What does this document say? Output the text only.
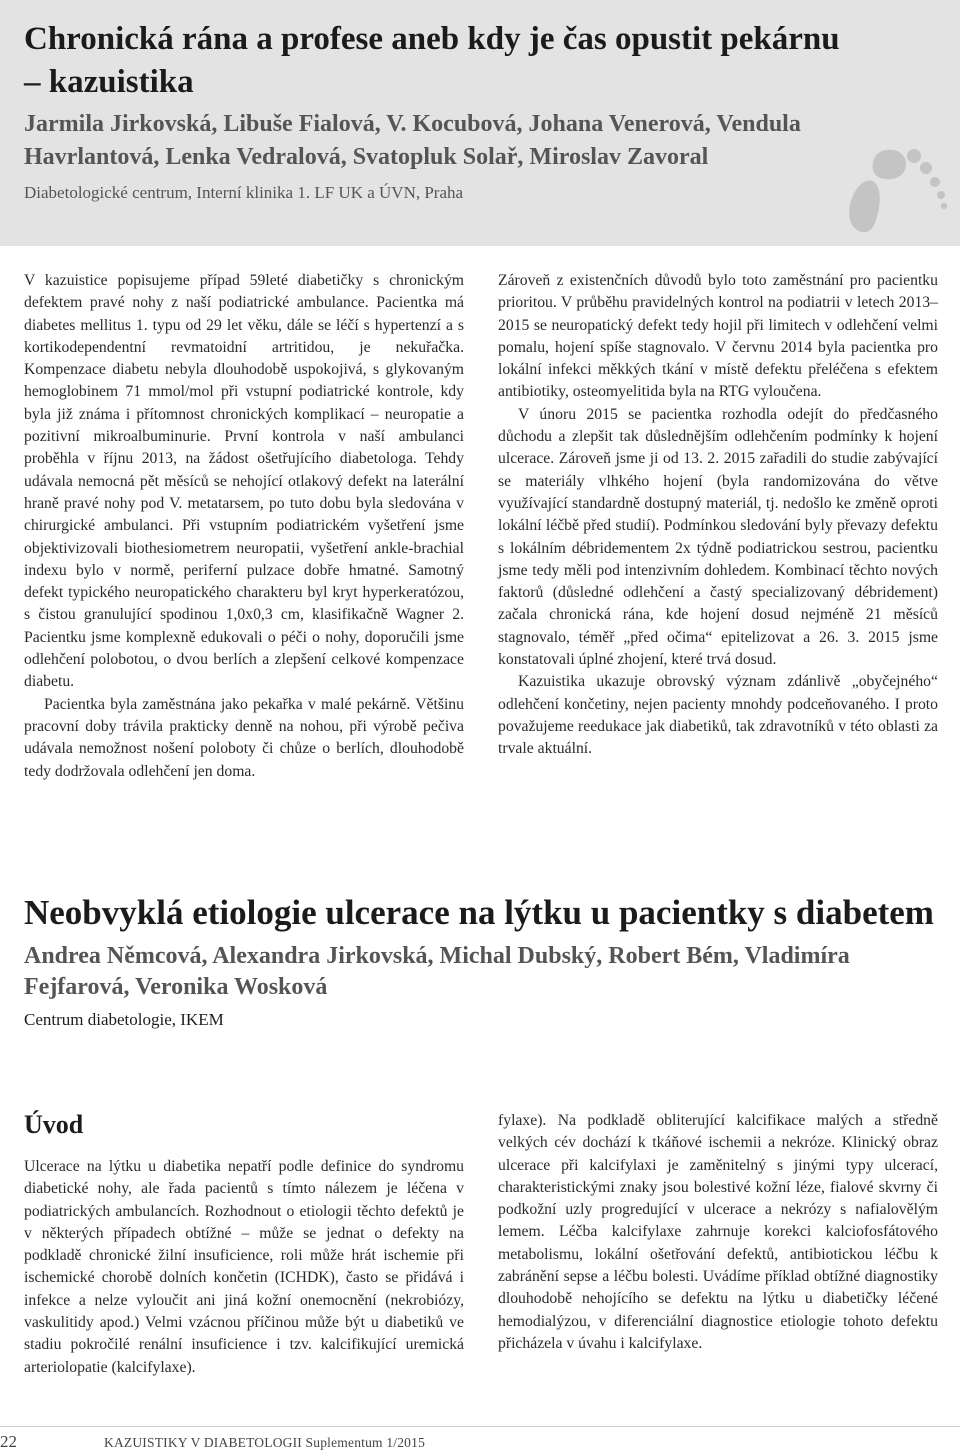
Chronická rána a profese aneb kdy je čas opustit pekárnu – kazuistika

Jarmila Jirkovská, Libuše Fialová, V. Kocubová, Johana Venerová, Vendula Havrlantová, Lenka Vedralová, Svatopluk Solař, Miroslav Zavoral

Diabetologické centrum, Interní klinika 1. LF UK a ÚVN, Praha

V kazuistice popisujeme případ 59leté diabetičky s chronickým defektem pravé nohy z naší podiatrické ambulance. Pacientka má diabetes mellitus 1. typu od 29 let věku, dále se léčí s hypertenzí a s kortikodependentní revmatoidní artritidou, je nekuřačka. Kompenzace diabetu nebyla dlouhodobě uspokojivá, s glykovaným hemoglobinem 71 mmol/mol při vstupní podiatrické kontrole, kdy byla již známa i přítomnost chronických komplikací – neuropatie a pozitivní mikroalbuminurie. První kontrola v naší ambulanci proběhla v říjnu 2013, na žádost ošetřujícího diabetologa. Tehdy udávala nemocná pět měsíců se nehojící otlakový defekt na laterální hraně pravé nohy pod V. metatarsem, po tuto dobu byla sledována v chirurgické ambulanci. Při vstupním podiatrickém vyšetření jsme objektivizovali biothesiometrem neuropatii, vyšetření ankle-brachial indexu bylo v normě, periferní pulzace dobře hmatné. Samotný defekt typického neuropatického charakteru byl kryt hyperkeratózou, s čistou granulující spodinou 1,0x0,3 cm, klasifikačně Wagner 2. Pacientku jsme komplexně edukovali o péči o nohy, doporučili jsme odlehčení polobotou, o dvou berlích a zlepšení celkové kompenzace diabetu.

Pacientka byla zaměstnána jako pekařka v malé pekárně. Většinu pracovní doby trávila prakticky denně na nohou, při výrobě pečiva udávala nemožnost nošení poloboty či chůze o berlích, dlouhodobě tedy dodržovala odlehčení jen doma.

Zároveň z existenčních důvodů bylo toto zaměstnání pro pacientku prioritou. V průběhu pravidelných kontrol na podiatrii v letech 2013–2015 se neuropatický defekt tedy hojil při limitech v odlehčení velmi pomalu, hojení spíše stagnovalo. V červnu 2014 byla pacientka pro lokální infekci měkkých tkání v místě defektu přeléčena s efektem antibiotiky, osteomyelitida byla na RTG vyloučena.

V únoru 2015 se pacientka rozhodla odejít do předčasného důchodu a zlepšit tak důslednějším odlehčením podmínky k hojení ulcerace. Zároveň jsme ji od 13. 2. 2015 zařadili do studie zabývající se materiály vlhkého hojení (byla randomizována do větve využívající standardně dostupný materiál, tj. nedošlo ke změně oproti lokální léčbě před studií). Podmínkou sledování byly převazy defektu s lokálním débridementem 2x týdně podiatrickou sestrou, pacientku jsme tedy měli pod intenzivním dohledem. Kombinací těchto nových faktorů (důsledné odlehčení a častý specializovaný débridement) začala chronická rána, kde hojení dosud nejméně 21 měsíců stagnovalo, téměř „před očima“ epitelizovat a 26. 3. 2015 jsme konstatovali úplné zhojení, které trvá dosud.

Kazuistika ukazuje obrovský význam zdánlivě „obyčejného“ odlehčení končetiny, nejen pacienty mnohdy podceňovaného. I proto považujeme reedukace jak diabetiků, tak zdravotníků v této oblasti za trvale aktuální.

Neobvyklá etiologie ulcerace na lýtku u pacientky s diabetem

Andrea Němcová, Alexandra Jirkovská, Michal Dubský, Robert Bém, Vladimíra Fejfarová, Veronika Wosková

Centrum diabetologie, IKEM

Úvod

Ulcerace na lýtku u diabetika nepatří podle definice do syndromu diabetické nohy, ale řada pacientů s tímto nálezem je léčena v podiatrických ambulancích. Rozhodnout o etiologii těchto defektů je v některých případech obtížné – může se jednat o defekty na podkladě chronické žilní insuficience, roli může hrát ischemie při ischemické chorobě dolních končetin (ICHDK), často se přidává i infekce a nelze vyloučit ani jiná kožní onemocnění (nekrobiózy, vaskulitidy apod.) Velmi vzácnou příčinou může být u diabetiků ve stadiu pokročilé renální insuficience i tzv. kalcifikující uremická arteriolopatie (kalcifylaxe).

fylaxe). Na podkladě obliterující kalcifikace malých a středně velkých cév dochází k tkáňové ischemii a nekróze. Klinický obraz ulcerace při kalcifylaxi je zaměnitelný s jinými typy ulcerací, charakteristickými znaky jsou bolestivé kožní léze, fialové skvrny či podkožní uzly progredující v ulcerace a nekrózy s nafialovělým lemem. Léčba kalcifylaxe zahrnuje korekci kalciofosfátového metabolismu, lokální ošetřování defektů, antibiotickou léčbu k zabránění sepse a léčbu bolesti. Uvádíme příklad obtížné diagnostiky dlouhodobě nehojícího se defektu na lýtku u diabetičky léčené hemodialýzou, v diferenciální diagnostice etiologie tohoto defektu přicházela v úvahu i kalcifylaxe.

22	KAZUISTIKY V DIABETOLOGII Suplementum 1/2015
